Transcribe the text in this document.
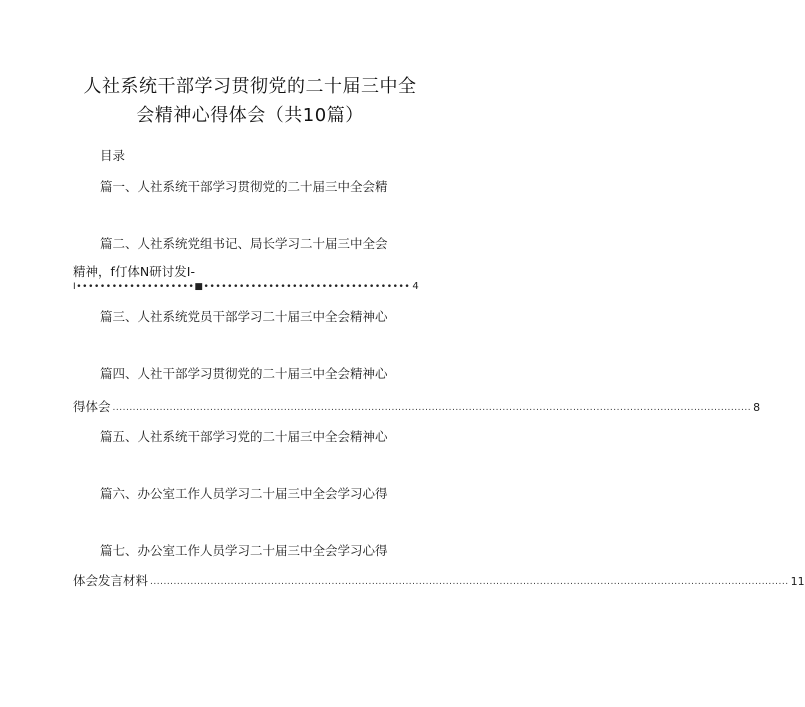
人社系统干部学习贯彻党的二十届三中全
会精神心得体会（共10篇）
目录
篇一、人社系统干部学习贯彻党的二十届三中全会精
篇二、人社系统党组书记、局长学习二十届三中全会
精神，f仃体N研讨发I-
I••••••••••••••••••••■••••••••••••••••••••••••••••••••••• 4
篇三、人社系统党员干部学习二十届三中全会精神心
篇四、人社干部学习贯彻党的二十届三中全会精神心
得体会 .............................................................................................................................................................................................. 8
篇五、人社系统干部学习党的二十届三中全会精神心
篇六、办公室工作人员学习二十届三中全会学习心得
篇七、办公室工作人员学习二十届三中全会学习心得
体会发言材料 .............................................................................................................................................................................................. 11
